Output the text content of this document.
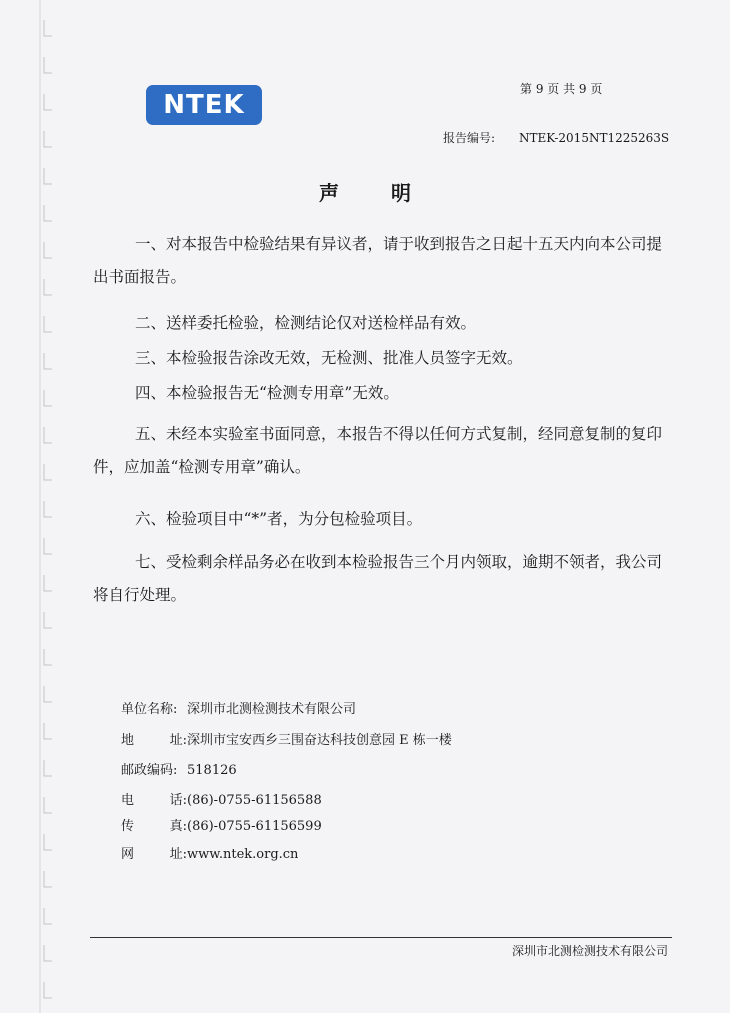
NTEK
第 9 页 共 9 页
报告编号: NTEK-2015NT1225263S
声明

一、对本报告中检验结果有异议者，请于收到报告之日起十五天内向本公司提出书面报告。

二、送样委托检验，检测结论仅对送检样品有效。

三、本检验报告涂改无效，无检测、批准人员签字无效。

四、本检验报告无“检测专用章”无效。

五、未经本实验室书面同意，本报告不得以任何方式复制，经同意复制的复印件，应加盖“检测专用章”确认。

六、检验项目中“*”者，为分包检验项目。

七、受检剩余样品务必在收到本检验报告三个月内领取，逾期不领者，我公司将自行处理。

单位名称: 深圳市北测检测技术有限公司
地	址: 深圳市宝安西乡三围奋达科技创意园 E 栋一楼
邮政编码: 518126
电	话: (86)-0755-61156588
传	真: (86)-0755-61156599
网	址: www.ntek.org.cn
深圳市北测检测技术有限公司
